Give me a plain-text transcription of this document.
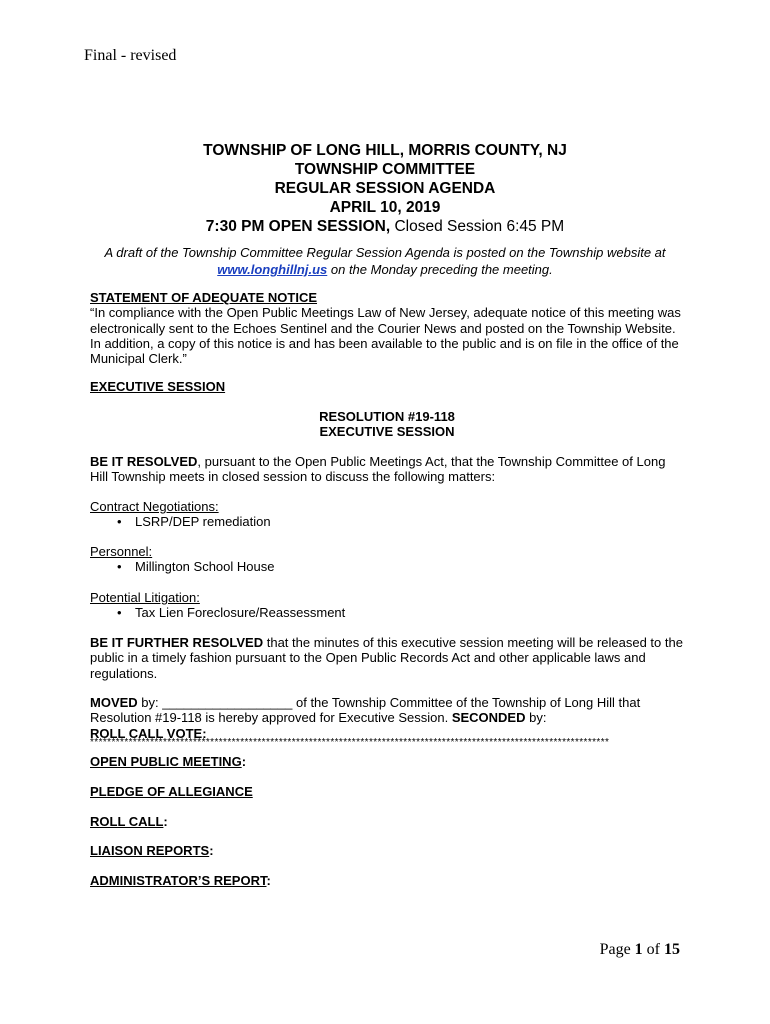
Final - revised
TOWNSHIP OF LONG HILL, MORRIS COUNTY, NJ
TOWNSHIP COMMITTEE
REGULAR SESSION AGENDA
APRIL 10, 2019
7:30 PM OPEN SESSION, Closed Session 6:45 PM
A draft of the Township Committee Regular Session Agenda is posted on the Township website at
www.longhillnj.us on the Monday preceding the meeting.
STATEMENT OF ADEQUATE NOTICE
“In compliance with the Open Public Meetings Law of New Jersey, adequate notice of this meeting was electronically sent to the Echoes Sentinel and the Courier News and posted on the Township Website. In addition, a copy of this notice is and has been available to the public and is on file in the office of the Municipal Clerk.”
EXECUTIVE SESSION
RESOLUTION #19-118
EXECUTIVE SESSION
BE IT RESOLVED, pursuant to the Open Public Meetings Act, that the Township Committee of Long Hill Township meets in closed session to discuss the following matters:
Contract Negotiations:
• LSRP/DEP remediation
Personnel:
• Millington School House
Potential Litigation:
• Tax Lien Foreclosure/Reassessment
BE IT FURTHER RESOLVED that the minutes of this executive session meeting will be released to the public in a timely fashion pursuant to the Open Public Records Act and other applicable laws and regulations.
MOVED by: __________________ of the Township Committee of the Township of Long Hill that Resolution #19-118 is hereby approved for Executive Session. SECONDED by:
ROLL CALL VOTE:
*************************************************************************************************************************
OPEN PUBLIC MEETING:
PLEDGE OF ALLEGIANCE
ROLL CALL:
LIAISON REPORTS:
ADMINISTRATOR’S REPORT:
Page 1 of 15
